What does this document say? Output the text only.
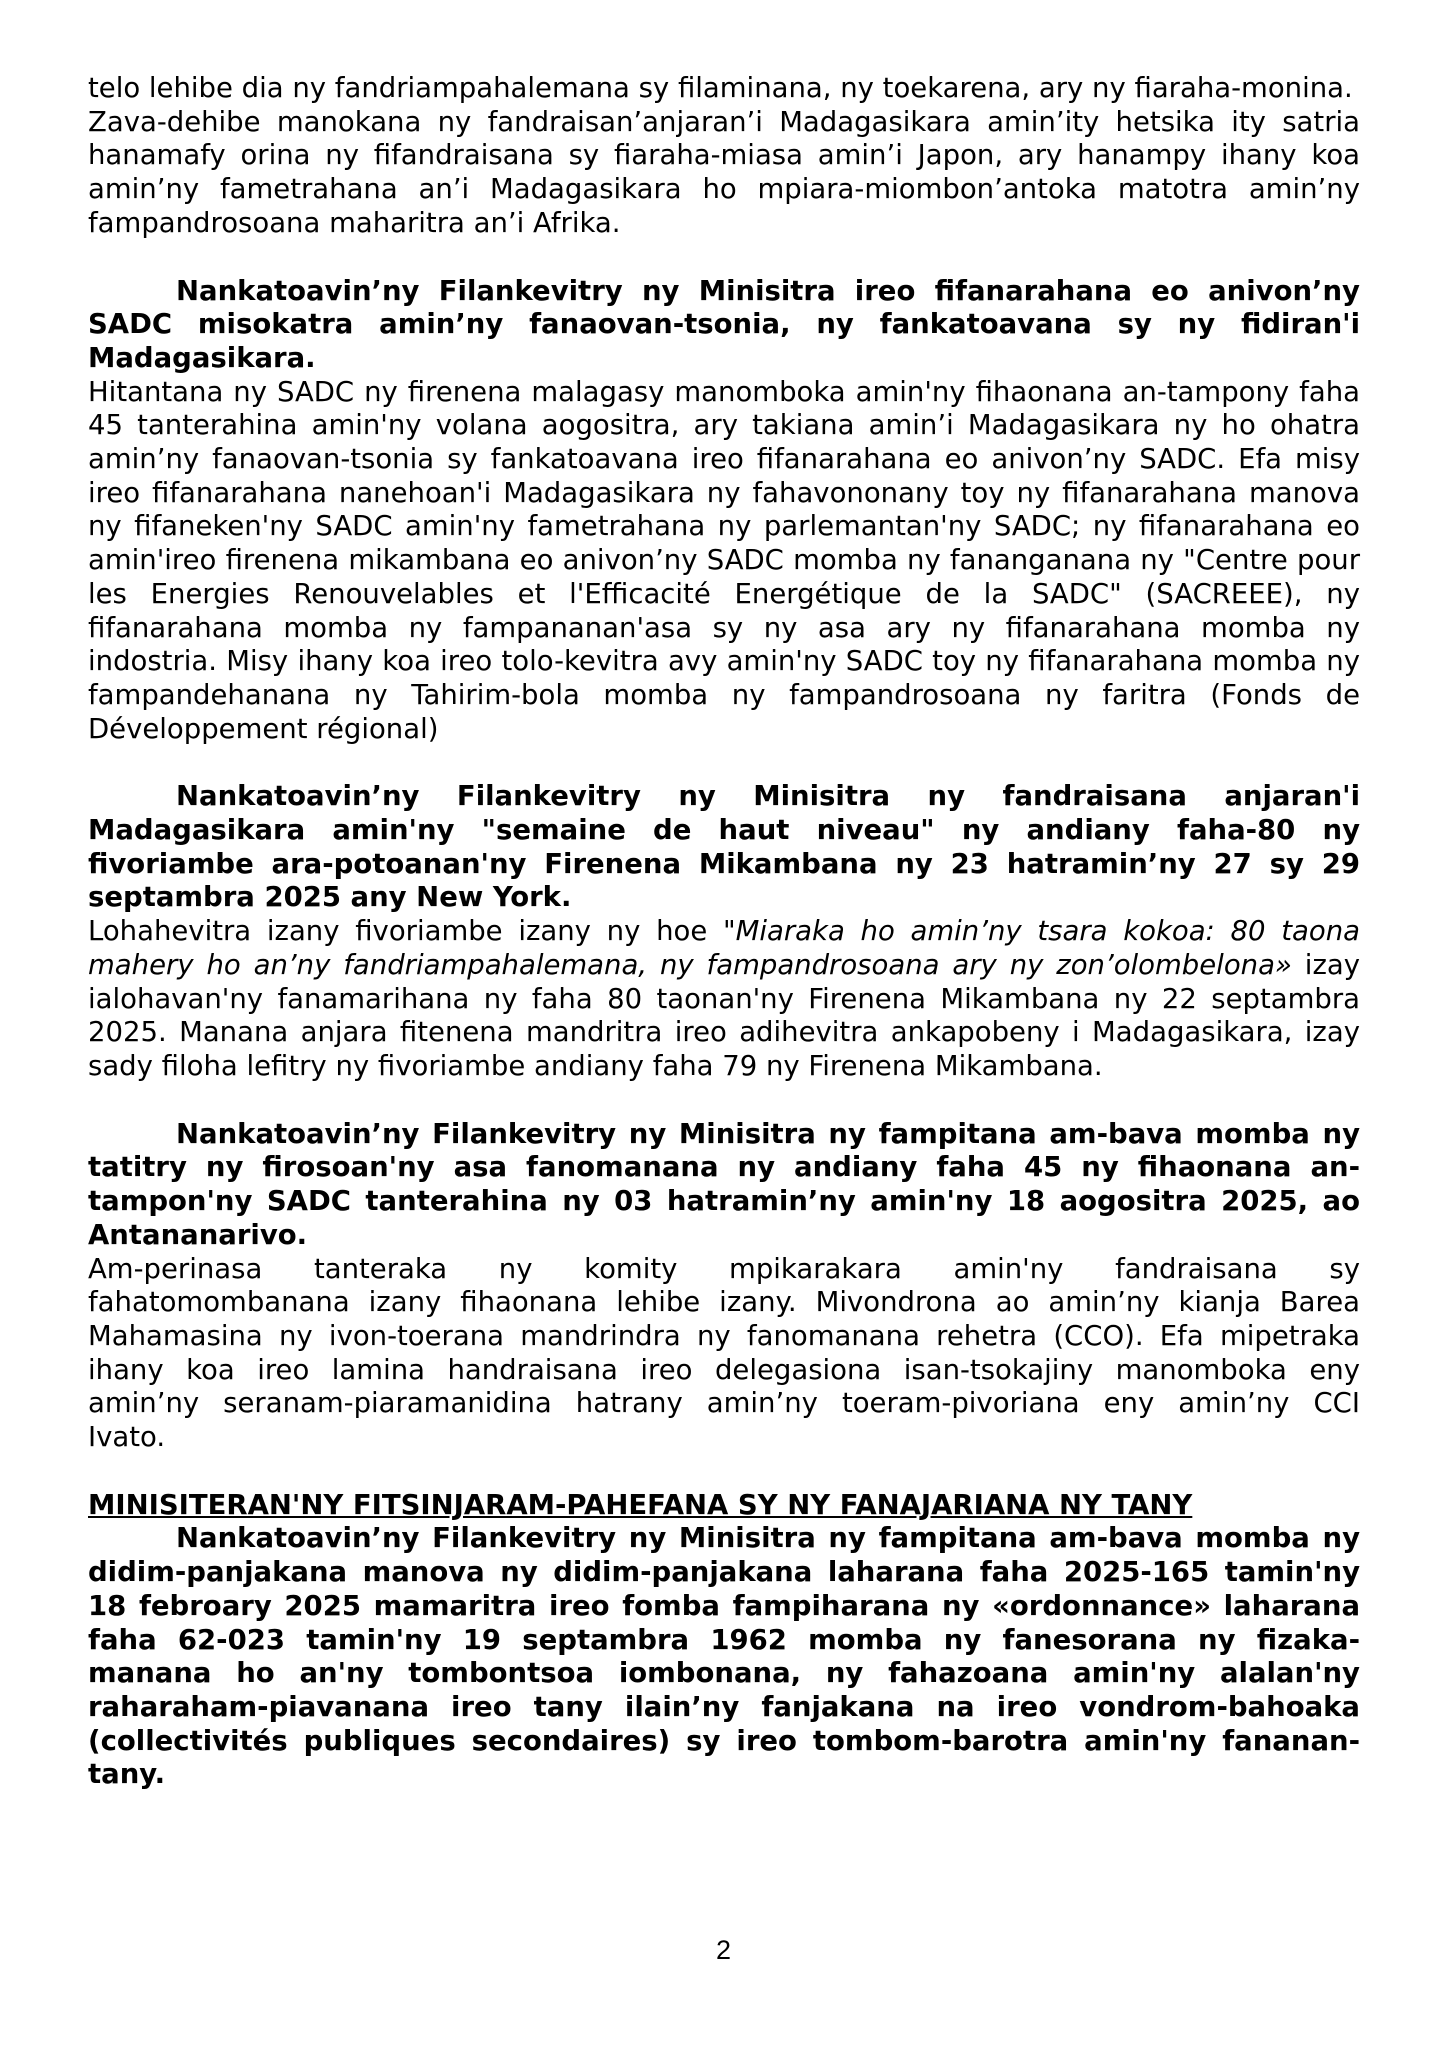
telo lehibe dia ny fandriampahalemana sy filaminana, ny toekarena, ary ny fiaraha-monina.

Zava-dehibe manokana ny fandraisan’anjaran’i Madagasikara amin’ity hetsika ity satria hanamafy orina ny fifandraisana sy fiaraha-miasa amin’i Japon, ary hanampy ihany koa amin’ny fametrahana an’i Madagasikara ho mpiara-miombon’antoka matotra amin’ny fampandrosoana maharitra an’i Afrika.

Nankatoavin’ny Filankevitry ny Minisitra ireo fifanarahana eo anivon’ny SADC misokatra amin’ny fanaovan-tsonia, ny fankatoavana sy ny fidiran'i Madagasikara.

Hitantana ny SADC ny firenena malagasy manomboka amin'ny fihaonana an-tampony faha 45 tanterahina amin'ny volana aogositra, ary takiana amin’i Madagasikara ny ho ohatra amin’ny fanaovan-tsonia sy fankatoavana ireo fifanarahana eo anivon’ny SADC. Efa misy ireo fifanarahana nanehoan'i Madagasikara ny fahavononany toy ny fifanarahana manova ny fifaneken'ny SADC amin'ny fametrahana ny parlemantan'ny SADC; ny fifanarahana eo amin'ireo firenena mikambana eo anivon’ny SADC momba ny fananganana ny "Centre pour les Energies Renouvelables et l'Efficacité Energétique de la SADC" (SACREEE), ny fifanarahana momba ny fampananan'asa sy ny asa ary ny fifanarahana momba ny indostria. Misy ihany koa ireo tolo-kevitra avy amin'ny SADC toy ny fifanarahana momba ny fampandehanana ny Tahirim-bola momba ny fampandrosoana ny faritra (Fonds de Développement régional)

Nankatoavin’ny Filankevitry ny Minisitra ny fandraisana anjaran'i Madagasikara amin'ny "semaine de haut niveau" ny andiany faha-80 ny fivoriambe ara-potoanan'ny Firenena Mikambana ny 23 hatramin’ny 27 sy 29 septambra 2025 any New York.

Lohahevitra izany fivoriambe izany ny hoe "Miaraka ho amin’ny tsara kokoa: 80 taona mahery ho an’ny fandriampahalemana, ny fampandrosoana ary ny zon’olombelona» izay ialohavan'ny fanamarihana ny faha 80 taonan'ny Firenena Mikambana ny 22 septambra 2025. Manana anjara fitenena mandritra ireo adihevitra ankapobeny i Madagasikara, izay sady filoha lefitry ny fivoriambe andiany faha 79 ny Firenena Mikambana.

Nankatoavin’ny Filankevitry ny Minisitra ny fampitana am-bava momba ny tatitry ny firosoan'ny asa fanomanana ny andiany faha 45 ny fihaonana an-tampon'ny SADC tanterahina ny 03 hatramin’ny amin'ny 18 aogositra 2025, ao Antananarivo.

Am-perinasa tanteraka ny komity mpikarakara amin'ny fandraisana sy fahatomombanana izany fihaonana lehibe izany. Mivondrona ao amin’ny kianja Barea Mahamasina ny ivon-toerana mandrindra ny fanomanana rehetra (CCO). Efa mipetraka ihany koa ireo lamina handraisana ireo delegasiona isan-tsokajiny manomboka eny amin’ny seranam-piaramanidina hatrany amin’ny toeram-pivoriana eny amin’ny CCI Ivato.

MINISITERAN'NY FITSINJARAM-PAHEFANA SY NY FANAJARIANA NY TANY

Nankatoavin’ny Filankevitry ny Minisitra ny fampitana am-bava momba ny didim-panjakana manova ny didim-panjakana laharana faha 2025-165 tamin'ny 18 febroary 2025 mamaritra ireo fomba fampiharana ny «ordonnance» laharana faha 62-023 tamin'ny 19 septambra 1962 momba ny fanesorana ny fizaka-manana ho an'ny tombontsoa iombonana, ny fahazoana amin'ny alalan'ny raharaham-piavanana ireo tany ilain’ny fanjakana na ireo vondrom-bahoaka (collectivités publiques secondaires) sy ireo tombom-barotra amin'ny fananan-tany.

2
